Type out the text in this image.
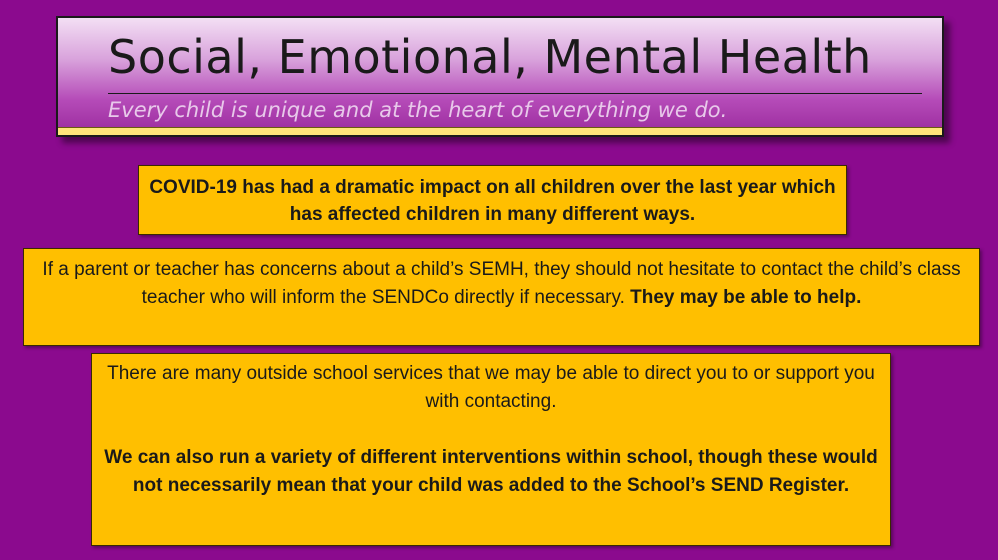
Social, Emotional, Mental Health

Every child is unique and at the heart of everything we do.

COVID-19 has had a dramatic impact on all children over the last year which has affected children in many different ways.
If a parent or teacher has concerns about a child’s SEMH, they should not hesitate to contact the child’s class teacher who will inform the SENDCo directly if necessary. They may be able to help.

There are many outside school services that we may be able to direct you to or support you with contacting.

We can also run a variety of different interventions within school, though these would not necessarily mean that your child was added to the School’s SEND Register.
